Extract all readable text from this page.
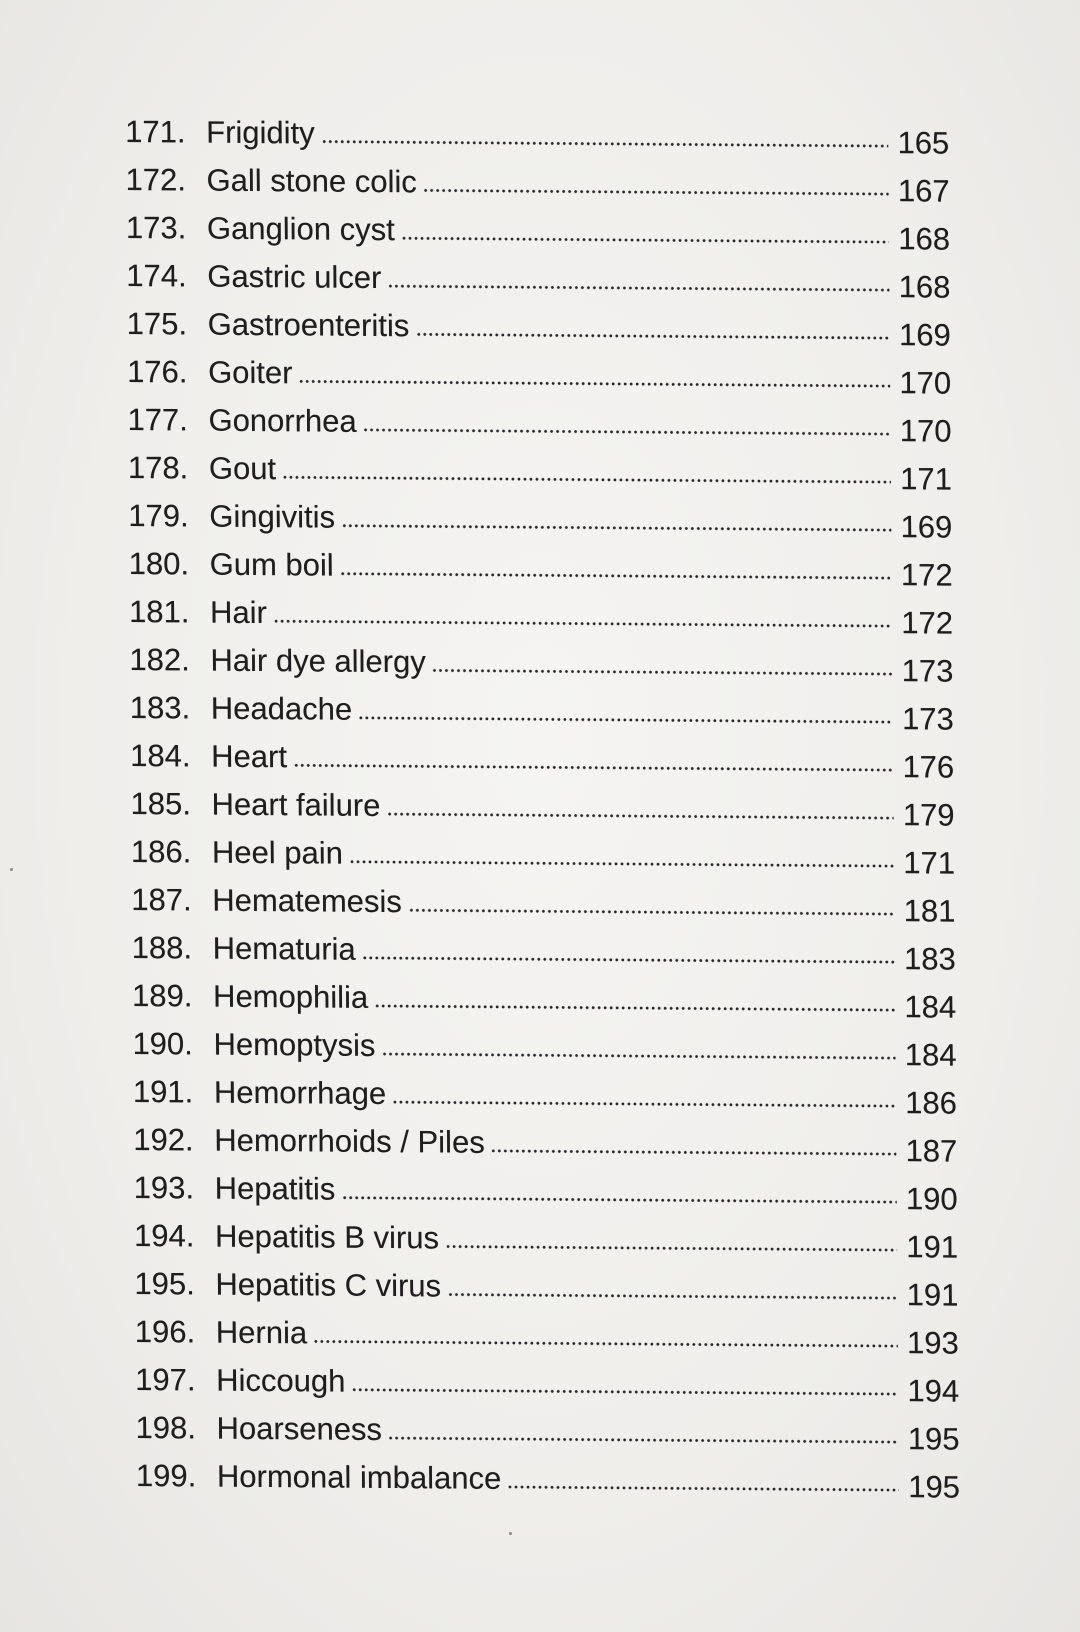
171. Frigidity	165
172. Gall stone colic	167
173. Ganglion cyst	168
174. Gastric ulcer	168
175. Gastroenteritis	169
176. Goiter	170
177. Gonorrhea	170
178. Gout	171
179. Gingivitis	169
180. Gum boil	172
181. Hair	172
182. Hair dye allergy	173
183. Headache	173
184. Heart	176
185. Heart failure	179
186. Heel pain	171
187. Hematemesis	181
188. Hematuria	183
189. Hemophilia	184
190. Hemoptysis	184
191. Hemorrhage	186
192. Hemorrhoids / Piles	187
193. Hepatitis	190
194. Hepatitis B virus	191
195. Hepatitis C virus	191
196. Hernia	193
197. Hiccough	194
198. Hoarseness	195
199. Hormonal imbalance	195
